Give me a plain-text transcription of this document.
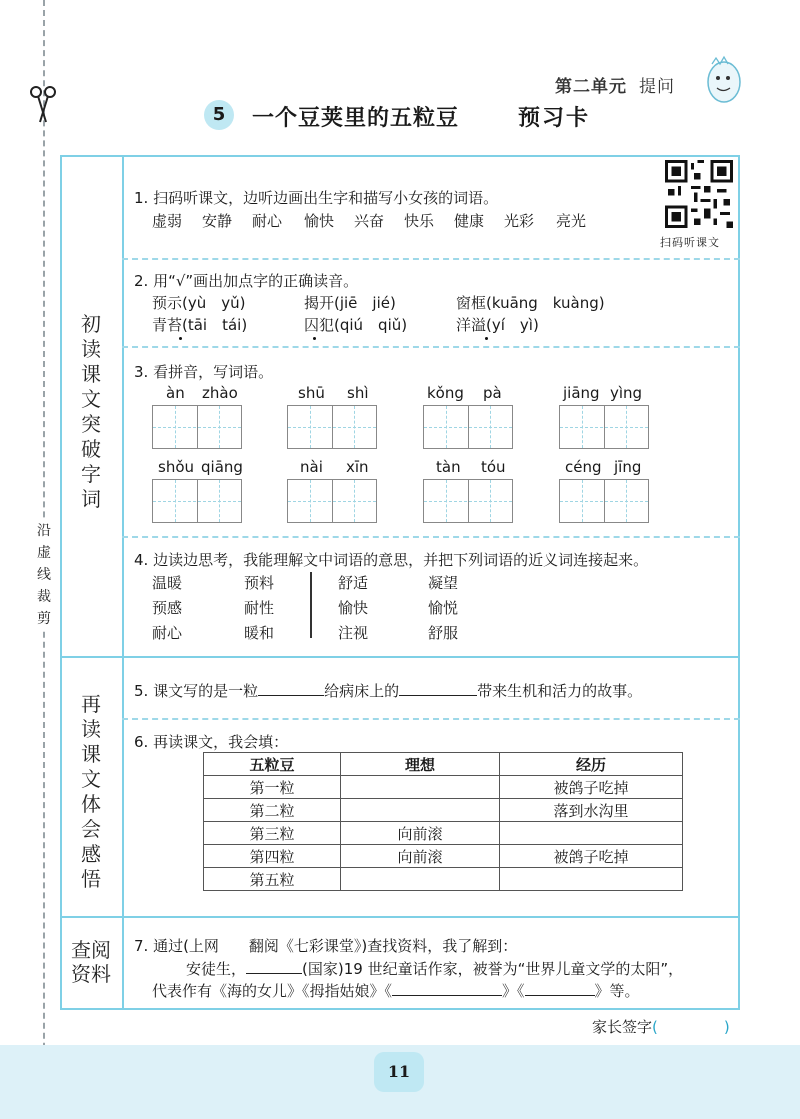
沿虚线裁剪
第二单元 提问
5	一个豆荚里的五粒豆	预习卡
初读课文 突破字词
再读课文 体会感悟
查阅资料
1. 扫码听课文，边听边画出生字和描写小女孩的词语。
虚弱 安静 耐心 愉快 兴奋 快乐 健康 光彩 亮光
扫码听课文
2. 用“√”画出加点字的正确读音。
预示(yù　yǔ)	揭开(jiē　jié)	窗框(kuāng　kuàng)
青苔(tāi　tái)	囚犯(qiú　qiǔ)	洋溢(yí　yì)
3. 看拼音，写词语。
àn zhào	shū shì	kǒng pà	jiāng yìng
shǒu qiāng	nài xīn	tàn tóu	céng jīng
4. 边读边思考，我能理解文中词语的意思，并把下列词语的近义词连接起来。
温暖
预感
耐心
预料
耐性
暖和
舒适
愉快
注视
凝望
愉悦
舒服
5. 课文写的是一粒	给病床上的	带来生机和活力的故事。
6. 再读课文，我会填：
五粒豆	理想	经历
第一粒		被鸽子吃掉
第二粒		落到水沟里
第三粒	向前滚	
第四粒	向前滚	被鸽子吃掉
第五粒		
7. 通过(上网　　翻阅《七彩课堂》)查找资料，我了解到：
安徒生，	(国家)19 世纪童话作家，被誉为“世界儿童文学的太阳”，
代表作有《海的女儿》《拇指姑娘》《	》《	》等。
家长签字(	)
11
